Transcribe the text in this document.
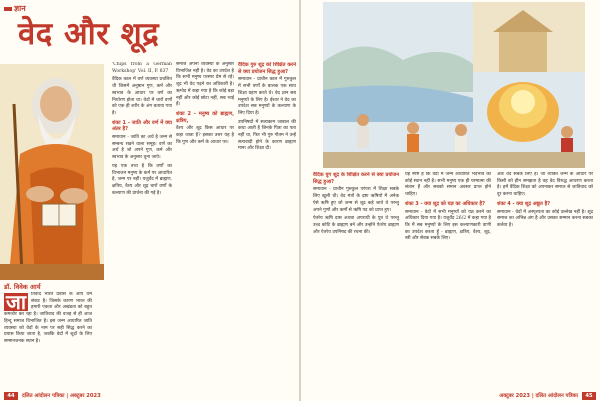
ज्ञान
वेद और शूद्र
डॉ. विवेक आर्य
जा	तिवाद भारत प्रवास के आर्य धर्म संकट है। जिसके कारण भारत की हमारी एकता और अखंडता को बहुत कमजोर कर रहा है। जातिवाद की वजह से ही आज हिन्दू समाज विभाजित है। इस जन्म आधारित जाति व्यवस्था को वेदों के नाम पर सही सिद्ध करने का प्रयास किया जाता है, जबकि वेदों में शूद्रों के लिए सम्मानजनक स्थान है।

'Chips from a German Workshop' Vol. II, P. 837

वैदिक काल में वर्ण व्यवस्था प्रचलित थी जिसमें अनुष्ठान गुण, कर्म और स्वभाव के आधार पर वर्ण का निर्धारण होता था। वेदों में चारों वर्णों को एक ही शरीर के अंग बताया गया है।

शंका 1 - जाति और वर्ण में क्या अंतर है?

समाधान - जाति का अर्थ है जन्म से सम्बन्ध रखने वाला समूह। वर्ण का अर्थ है जो अपने गुण, कर्म और स्वभाव के अनुसार चुना जाये।

यह एक तथ्य है कि वर्णों का विभाजन मनुष्य के कर्म पर आधारित है, जन्म पर नहीं। यजुर्वेद में ब्राह्मण, क्षत्रिय, वैश्य और शूद्र चारों वर्णों के कल्याण की प्रार्थना की गई है।

समाज अपनी व्यवस्था के अनुसार विभाजित नहीं है। वेद का उपदेश है कि सभी मनुष्य परस्पर प्रेम से रहें। शूद्र भी वेद पढ़ने का अधिकारी है। ऋग्वेद में कहा गया है कि कोई बड़ा नहीं और कोई छोटा नहीं, सब भाई हैं।

शंका 2 - मनुष्य को ब्राह्मण, क्षत्रिय,

वैश्य और शूद्र किस आधार पर कहा जाता है? इसका उत्तर यह है कि गुण और कर्म के आधार पर।

वैदिक गुरु शूद्र को शिक्षित करने से क्या प्रयोजन सिद्ध हुआ?

समाधान - प्राचीन काल में गुरुकुल में सभी वर्णों के बालक एक साथ शिक्षा ग्रहण करते थे। वेद ज्ञान सब मनुष्यों के लिए है। ईश्वर ने वेद का उपदेश सब मनुष्यों के कल्याण के लिए दिया है।

उपनिषदों में सत्यकाम जाबाल की कथा आती है जिनके पिता का पता नहीं था, फिर भी गुरु गौतम ने उन्हें सत्यवादी होने के कारण ब्राह्मण माना और शिक्षा दी।

44	दलित आंदोलन पत्रिका | अक्टूबर 2023

वैदिक युग शूद्र के शिक्षित करने से क्या प्रयोजन सिद्ध हुआ?

समाधान - प्राचीन गुरुकुल परंपरा में शिक्षा सबके लिए खुली थी। वेद मंत्रों के द्रष्टा ऋषियों में अनेक ऐसे ऋषि हुए जो जन्म से शूद्र कहे जाते थे परन्तु अपने गुणों और कर्मों से ऋषि पद को प्राप्त हुए।

ऐतरेय ऋषि दास अथवा अपराधी के पुत्र थे परन्तु उच्च कोटि के ब्राह्मण बने और उन्होंने ऐतरेय ब्राह्मण और ऐतरेय उपनिषद की रचना की।

यह स्पष्ट है कि वेदों में जन्म आधारित भेदभाव का कोई स्थान नहीं है। सभी मनुष्य एक ही परमात्मा की संतान हैं और सबको समान अवसर प्राप्त होने चाहिए।

शंका 3 - क्या शूद्र को यज्ञ का अधिकार है?

समाधान - वेदों में सभी मनुष्यों को यज्ञ करने का अधिकार दिया गया है। यजुर्वेद 26/2 में कहा गया है कि मैं सब मनुष्यों के लिए इस कल्याणकारी वाणी का उपदेश करता हूँ - ब्राह्मण, क्षत्रिय, वैश्य, शूद्र, स्त्री और सेवक सबके लिए।

अतः वेद सबके लिए है। जो व्यक्ति जन्म के आधार पर किसी को हीन समझता है वह वेद विरुद्ध आचरण करता है। हमें वैदिक शिक्षा को अपनाकर समाज से जातिवाद को दूर करना चाहिए।

शंका 4 - क्या शूद्र अछूत है?

समाधान - वेदों में अस्पृश्यता का कोई उल्लेख नहीं है। शूद्र समाज का अभिन्न अंग है और उसका सम्मान करना सबका कर्तव्य है।

अक्टूबर 2023 | दलित आंदोलन पत्रिका	45
